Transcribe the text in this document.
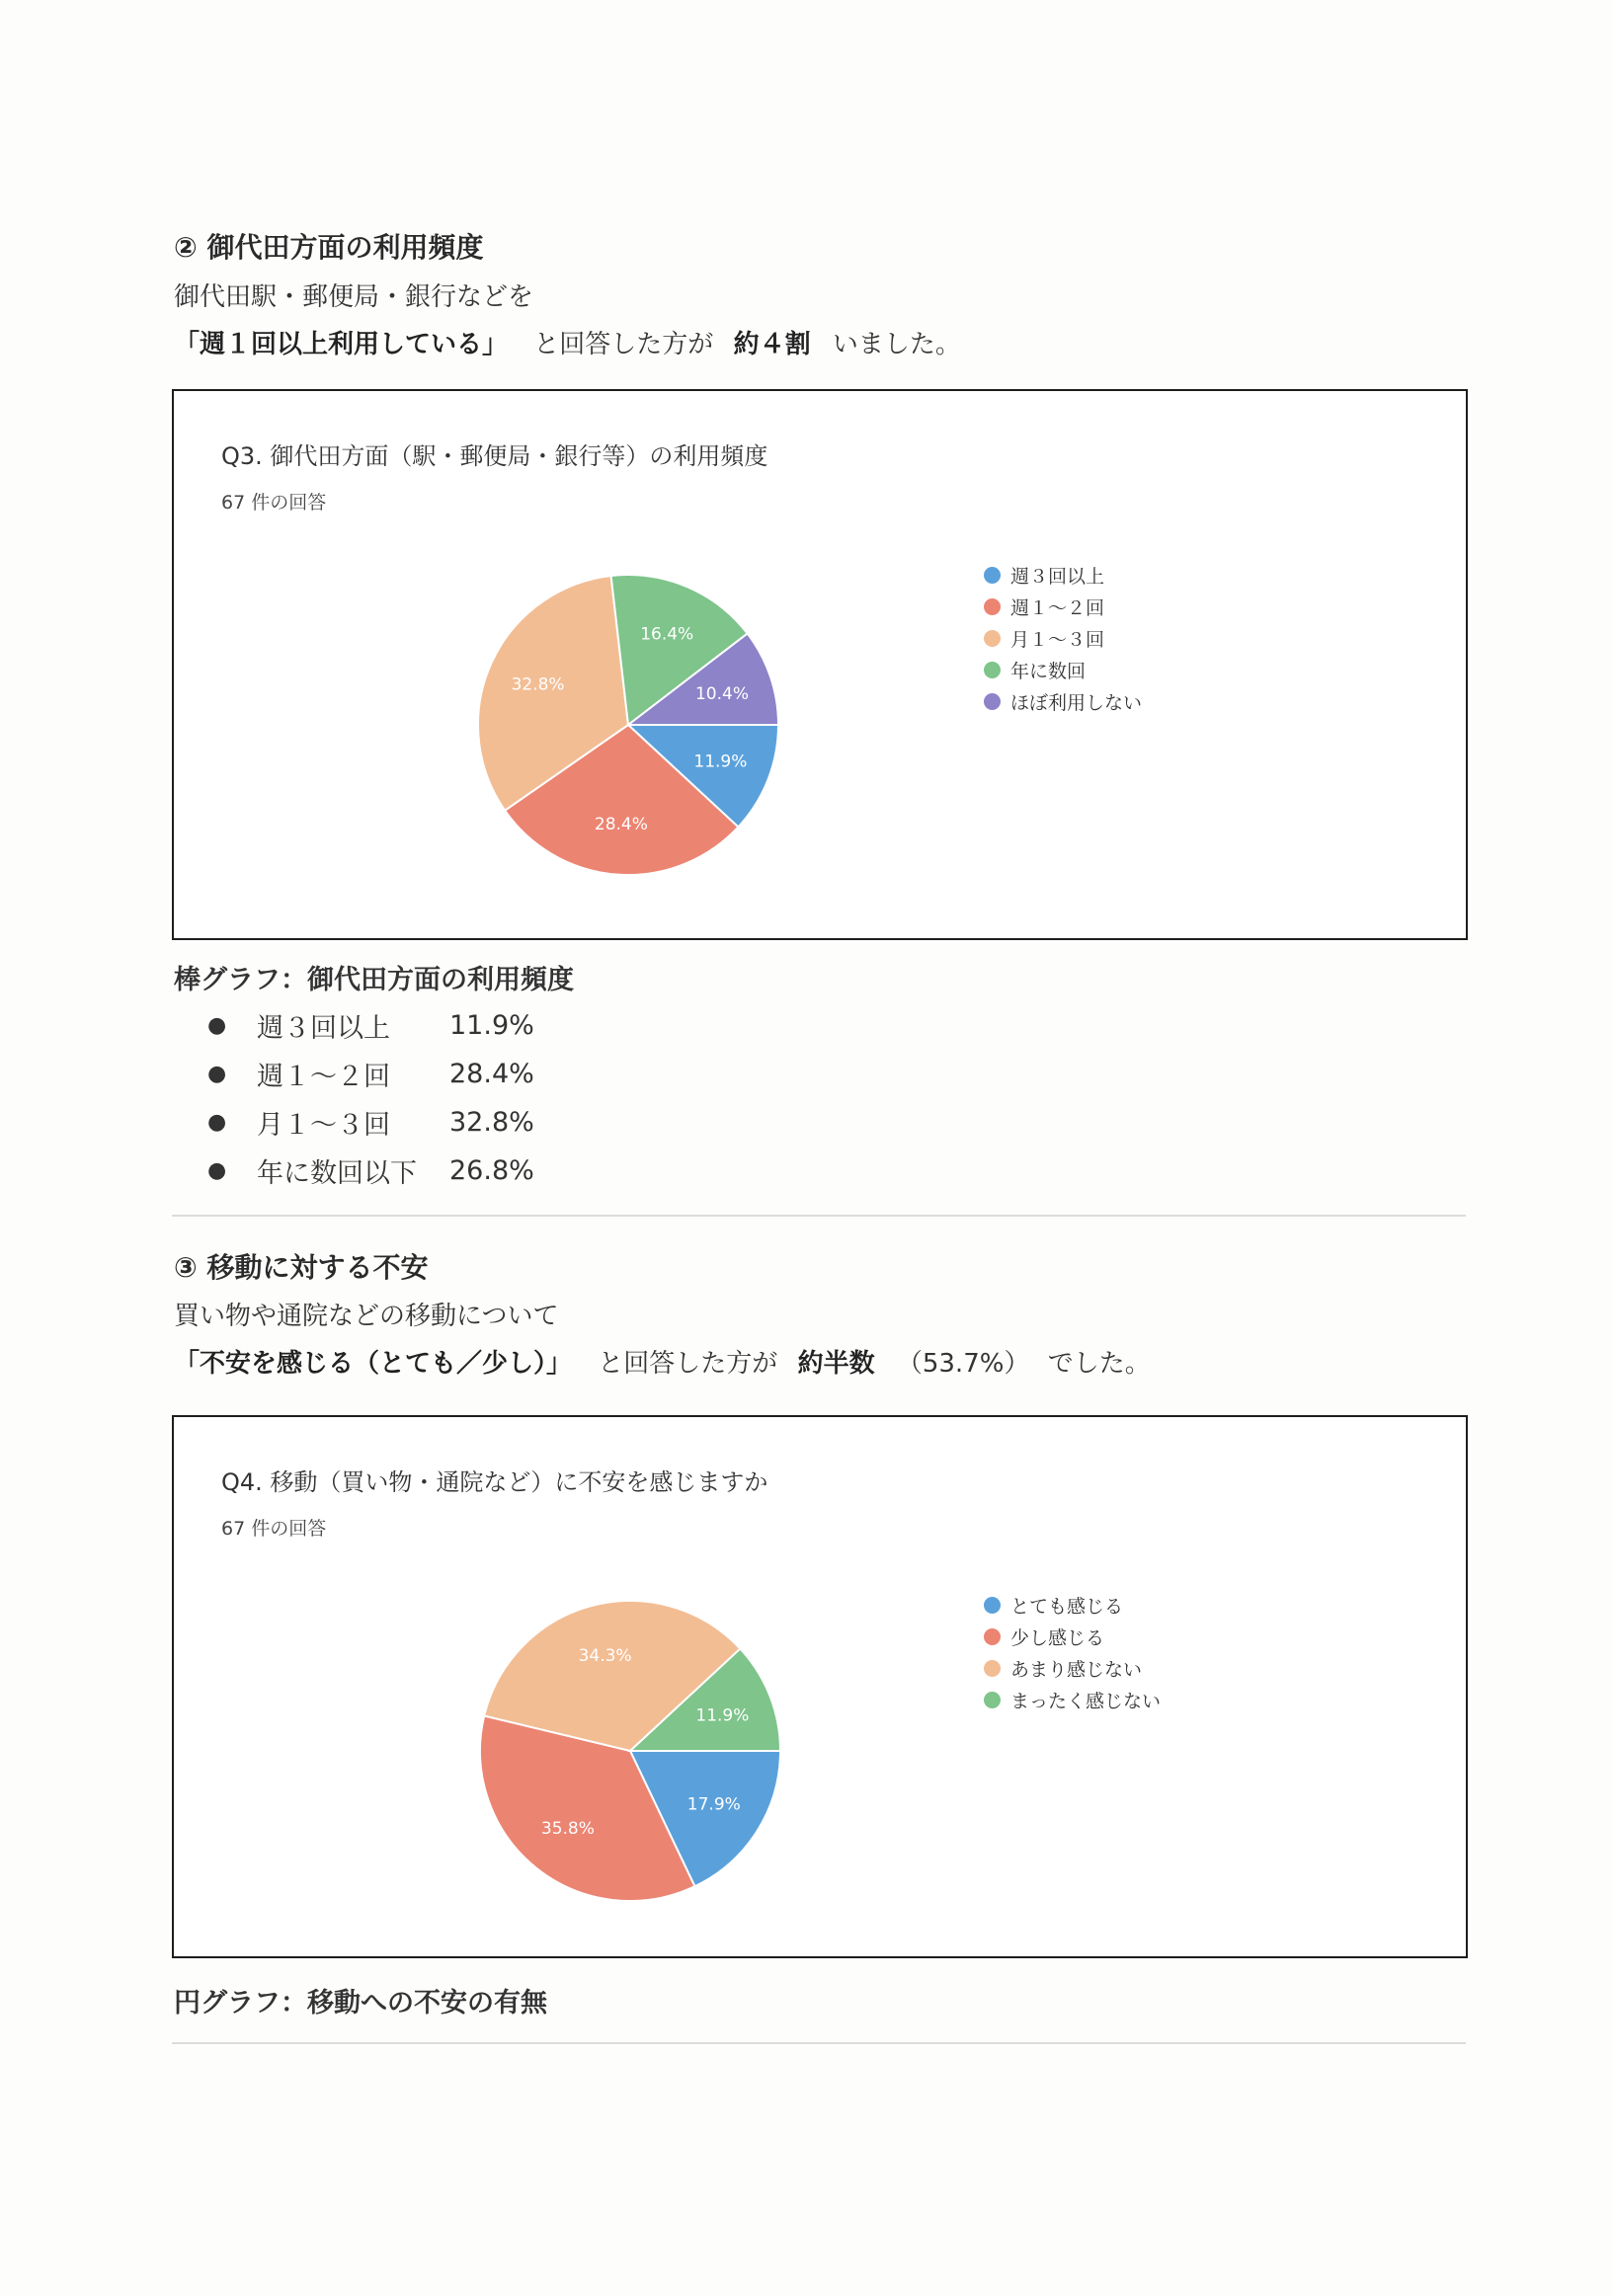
② 御代田方面の利用頻度
御代田駅・郵便局・銀行などを
「週１回以上利用している」 と回答した方が 約４割 いました。
Q3. 御代田方面（駅・郵便局・銀行等）の利用頻度
67 件の回答
11.9%
28.4%
32.8%
16.4%
10.4%
週３回以上
週１〜２回
月１〜３回
年に数回
ほぼ利用しない
棒グラフ：御代田方面の利用頻度
●	週３回以上	11.9%
●	週１〜２回	28.4%
●	月１〜３回	32.8%
●	年に数回以下	26.8%
③ 移動に対する不安
買い物や通院などの移動について
「不安を感じる（とても／少し）」 と回答した方が 約半数 （53.7%） でした。
Q4. 移動（買い物・通院など）に不安を感じますか
67 件の回答
17.9%
35.8%
34.3%
11.9%
とても感じる
少し感じる
あまり感じない
まったく感じない
円グラフ：移動への不安の有無
